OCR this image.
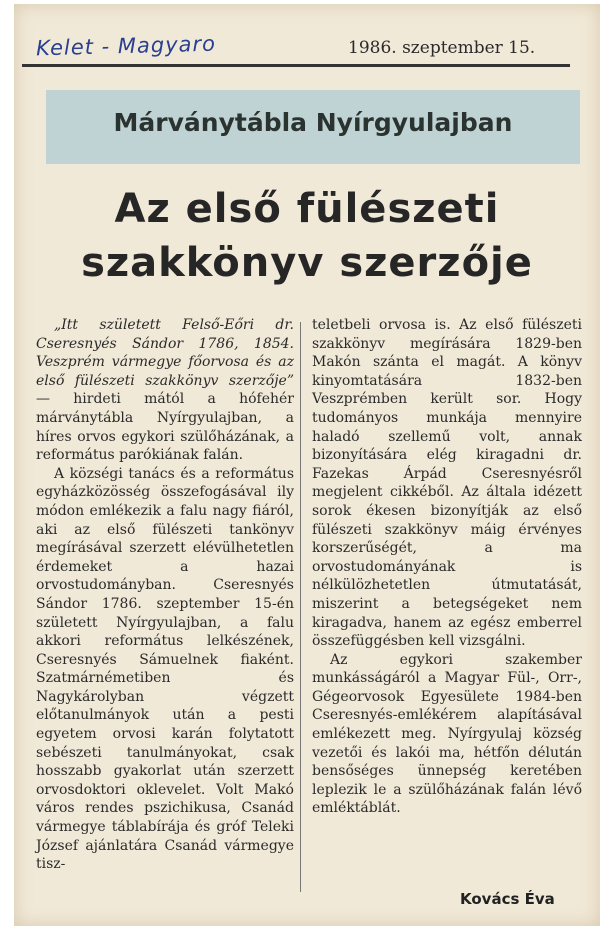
Kelet - Magyaro	1986. szeptember 15.
Márványtábla Nyírgyulajban
Az első fülészeti szakkönyv szerzője

„Itt született Felső-Eőri dr. Cseresnyés Sándor 1786, 1854. Veszprém vármegye főorvosa és az első fülészeti szakkönyv szerzője” — hirdeti mától a hófehér márványtábla Nyírgyulajban, a híres orvos egykori szülőházának, a református parókiának falán.

A községi tanács és a református egyházközösség összefogásával ily módon emlékezik a falu nagy fiáról, aki az első fülészeti tankönyv megírásával szerzett elévülhetetlen érdemeket a hazai orvostudományban. Cseresnyés Sándor 1786. szeptember 15-én született Nyírgyulajban, a falu akkori református lelkészének, Cseresnyés Sámuelnek fiaként. Szatmárnémetiben és Nagykárolyban végzett előtanulmányok után a pesti egyetem orvosi karán folytatott sebészeti tanulmányokat, csak hosszabb gyakorlat után szerzett orvosdoktori oklevelet. Volt Makó város rendes pszichikusa, Csanád vármegye táblabírája és gróf Teleki József ajánlatára Csanád vármegye tisz-

teletbeli orvosa is. Az első fülészeti szakkönyv megírására 1829-ben Makón szánta el magát. A könyv kinyomtatására 1832-ben Veszprémben került sor. Hogy tudományos munkája mennyire haladó szellemű volt, annak bizonyítására elég kiragadni dr. Fazekas Árpád Cseresnyésről megjelent cikkéből. Az általa idézett sorok ékesen bizonyítják az első fülészeti szakkönyv máig érvényes korszerűségét, a ma orvostudományának is nélkülözhetetlen útmutatását, miszerint a betegségeket nem kiragadva, hanem az egész emberrel összefüggésben kell vizsgálni.

Az egykori szakember munkásságáról a Magyar Fül-, Orr-, Gégeorvosok Egyesülete 1984-ben Cseresnyés-emlékérem alapításával emlékezett meg. Nyírgyulaj község vezetői és lakói ma, hétfőn délután bensőséges ünnepség keretében leplezik le a szülőházának falán lévő emléktáblát.

Kovács Éva
